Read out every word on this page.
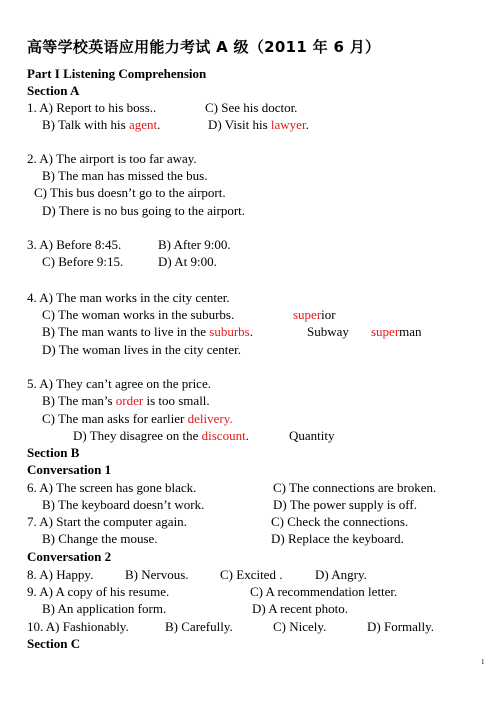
高等学校英语应用能力考试 A 级（2011 年 6 月）
Part I Listening Comprehension
Section A
1. A) Report to his boss..	C) See his doctor.
B) Talk with his agent.	D) Visit his lawyer.
2. A) The airport is too far away.
B) The man has missed the bus.
C) This bus doesn’t go to the airport.
D) There is no bus going to the airport.
3. A) Before 8:45.	B) After 9:00.
C) Before 9:15.	D) At 9:00.
4. A) The man works in the city center.
C) The woman works in the suburbs.	superior
B) The man wants to live in the suburbs.	Subway superman
D) The woman lives in the city center.
5. A) They can’t agree on the price.
B) The man’s order is too small.
C) The man asks for earlier delivery.
D) They disagree on the discount.	Quantity
Section B
Conversation 1
6. A) The screen has gone black.	C) The connections are broken.
B) The keyboard doesn’t work.	D) The power supply is off.
7. A) Start the computer again.	C) Check the connections.
B) Change the mouse.	D) Replace the keyboard.
Conversation 2
8. A) Happy. B) Nervous. C) Excited .	D) Angry.
9. A) A copy of his resume.	C) A recommendation letter.
B) An application form.	D) A recent photo.
10. A) Fashionably.	B) Carefully.	C) Nicely.	D) Formally.
Section C
1
